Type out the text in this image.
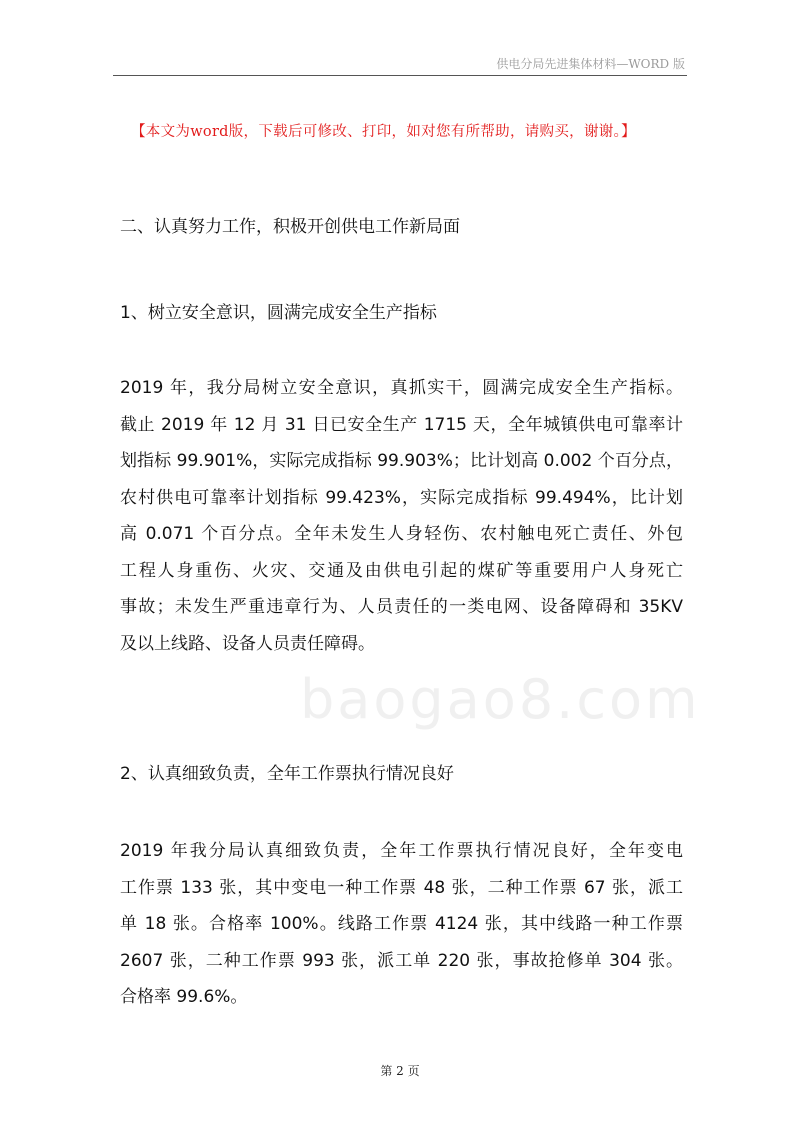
供电分局先进集体材料—WORD 版
【本文为word版，下载后可修改、打印，如对您有所帮助，请购买，谢谢。】
baogao8.com
二、认真努力工作，积极开创供电工作新局面
1、树立安全意识，圆满完成安全生产指标
2019 年，我分局树立安全意识，真抓实干，圆满完成安全生产指标。
截止 2019 年 12 月 31 日已安全生产 1715 天，全年城镇供电可靠率计
划指标 99.901%，实际完成指标 99.903%；比计划高 0.002 个百分点，
农村供电可靠率计划指标 99.423%，实际完成指标 99.494%，比计划
高 0.071 个百分点。全年未发生人身轻伤、农村触电死亡责任、外包
工程人身重伤、火灾、交通及由供电引起的煤矿等重要用户人身死亡
事故；未发生严重违章行为、人员责任的一类电网、设备障碍和 35KV
及以上线路、设备人员责任障碍。
2、认真细致负责，全年工作票执行情况良好
2019 年我分局认真细致负责，全年工作票执行情况良好，全年变电
工作票 133 张，其中变电一种工作票 48 张，二种工作票 67 张，派工
单 18 张。合格率 100%。线路工作票 4124 张，其中线路一种工作票
2607 张，二种工作票 993 张，派工单 220 张，事故抢修单 304 张。
合格率 99.6%。
第 2 页
